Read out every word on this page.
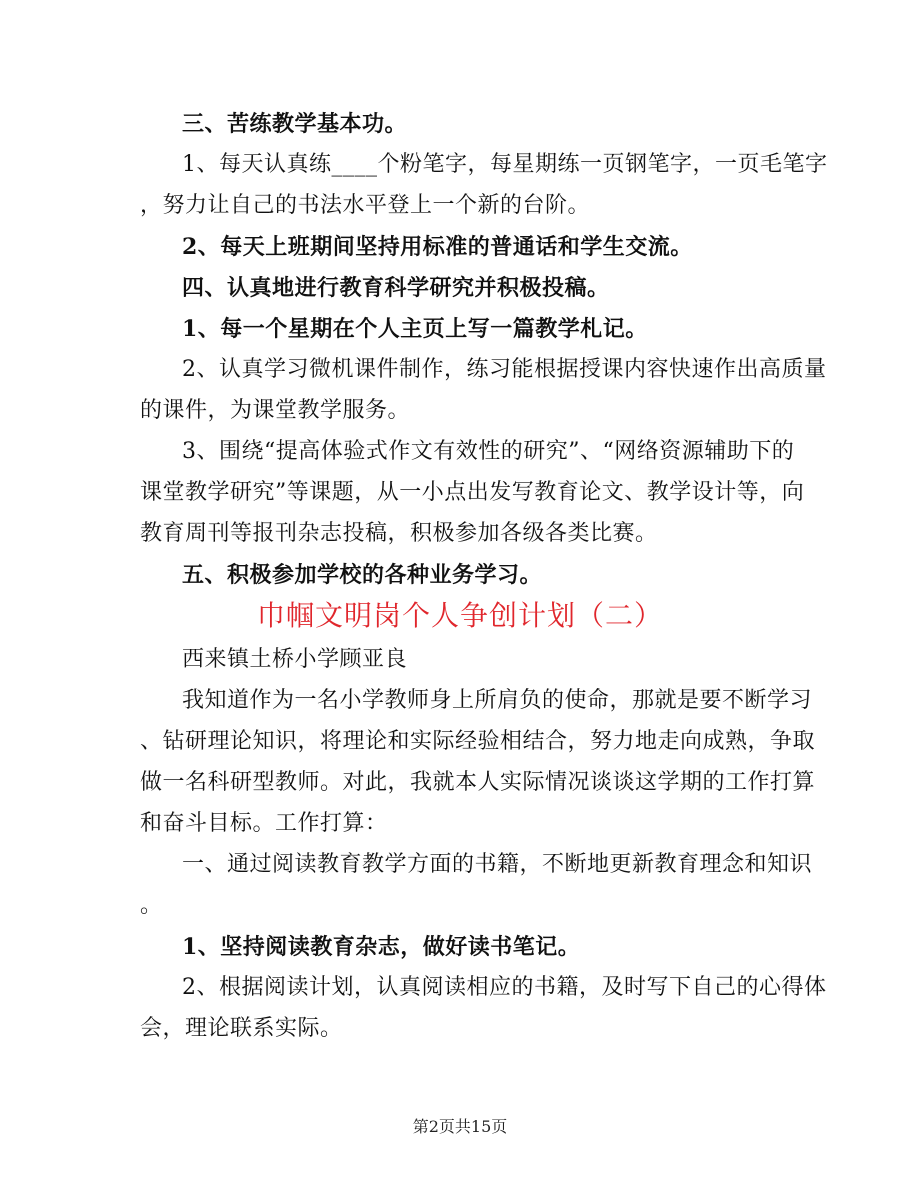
三、苦练教学基本功。
1、每天认真练____个粉笔字，每星期练一页钢笔字，一页毛笔字
，努力让自己的书法水平登上一个新的台阶。
2、每天上班期间坚持用标准的普通话和学生交流。
四、认真地进行教育科学研究并积极投稿。
1、每一个星期在个人主页上写一篇教学札记。
2、认真学习微机课件制作，练习能根据授课内容快速作出高质量
的课件，为课堂教学服务。
3、围绕“提高体验式作文有效性的研究”、“网络资源辅助下的
课堂教学研究”等课题，从一小点出发写教育论文、教学设计等，向
教育周刊等报刊杂志投稿，积极参加各级各类比赛。
五、积极参加学校的各种业务学习。
巾帼文明岗个人争创计划（二）
西来镇土桥小学顾亚良
我知道作为一名小学教师身上所肩负的使命，那就是要不断学习
、钻研理论知识，将理论和实际经验相结合，努力地走向成熟，争取
做一名科研型教师。对此，我就本人实际情况谈谈这学期的工作打算
和奋斗目标。工作打算：
一、通过阅读教育教学方面的书籍，不断地更新教育理念和知识
。
1、坚持阅读教育杂志，做好读书笔记。
2、根据阅读计划，认真阅读相应的书籍，及时写下自己的心得体
会，理论联系实际。
第2页共15页
